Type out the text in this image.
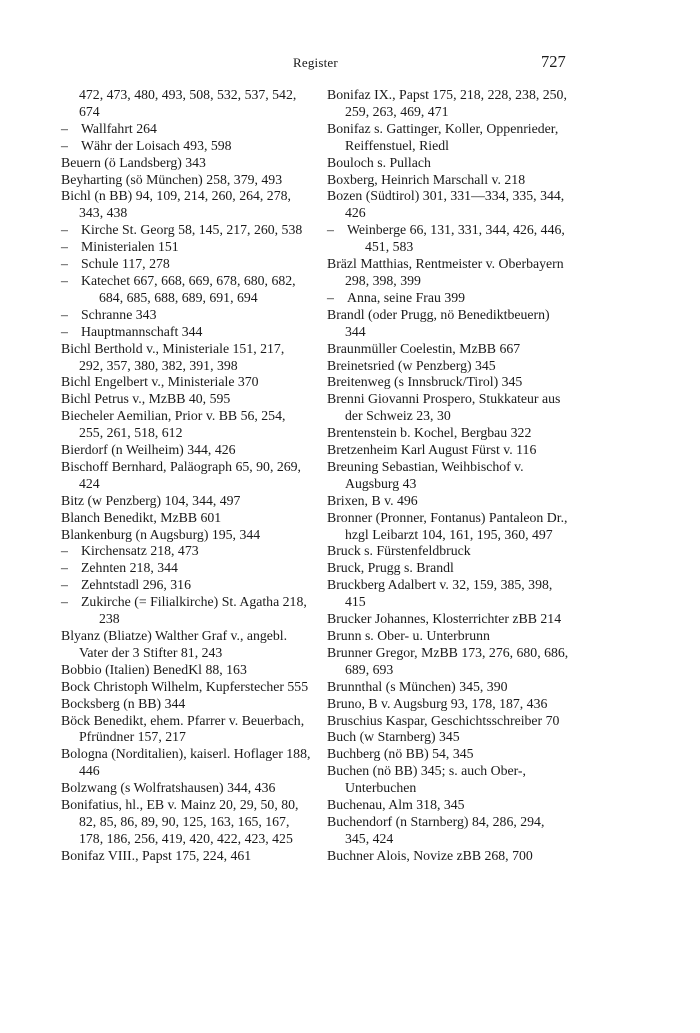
Register	727

472, 473, 480, 493, 508, 532, 537, 542, 674

– Wallfahrt 264

– Währ der Loisach 493, 598

Beuern (ö Landsberg) 343

Beyharting (sö München) 258, 379, 493

Bichl (n BB) 94, 109, 214, 260, 264, 278, 343, 438

– Kirche St. Georg 58, 145, 217, 260, 538

– Ministerialen 151

– Schule 117, 278

– Katechet 667, 668, 669, 678, 680, 682, 684, 685, 688, 689, 691, 694

– Schranne 343

– Hauptmannschaft 344

Bichl Berthold v., Ministeriale 151, 217, 292, 357, 380, 382, 391, 398

Bichl Engelbert v., Ministeriale 370

Bichl Petrus v., MzBB 40, 595

Biecheler Aemilian, Prior v. BB 56, 254, 255, 261, 518, 612

Bierdorf (n Weilheim) 344, 426

Bischoff Bernhard, Paläograph 65, 90, 269, 424

Bitz (w Penzberg) 104, 344, 497

Blanch Benedikt, MzBB 601

Blankenburg (n Augsburg) 195, 344

– Kirchensatz 218, 473

– Zehnten 218, 344

– Zehntstadl 296, 316

– Zukirche (= Filialkirche) St. Agatha 218, 238

Blyanz (Bliatze) Walther Graf v., angebl. Vater der 3 Stifter 81, 243

Bobbio (Italien) BenedKl 88, 163

Bock Christoph Wilhelm, Kupferstecher 555

Bocksberg (n BB) 344

Böck Benedikt, ehem. Pfarrer v. Beuerbach, Pfründner 157, 217

Bologna (Norditalien), kaiserl. Hoflager 188, 446

Bolzwang (s Wolfratshausen) 344, 436

Bonifatius, hl., EB v. Mainz 20, 29, 50, 80, 82, 85, 86, 89, 90, 125, 163, 165, 167, 178, 186, 256, 419, 420, 422, 423, 425

Bonifaz VIII., Papst 175, 224, 461

Bonifaz IX., Papst 175, 218, 228, 238, 250, 259, 263, 469, 471

Bonifaz s. Gattinger, Koller, Oppenrieder, Reiffenstuel, Riedl

Bouloch s. Pullach

Boxberg, Heinrich Marschall v. 218

Bozen (Südtirol) 301, 331—334, 335, 344, 426

– Weinberge 66, 131, 331, 344, 426, 446, 451, 583

Bräzl Matthias, Rentmeister v. Oberbayern 298, 398, 399

– Anna, seine Frau 399

Brandl (oder Prugg, nö Benediktbeuern) 344

Braunmüller Coelestin, MzBB 667

Breinetsried (w Penzberg) 345

Breitenweg (s Innsbruck/Tirol) 345

Brenni Giovanni Prospero, Stukkateur aus der Schweiz 23, 30

Brentenstein b. Kochel, Bergbau 322

Bretzenheim Karl August Fürst v. 116

Breuning Sebastian, Weihbischof v. Augsburg 43

Brixen, B v. 496

Bronner (Pronner, Fontanus) Pantaleon Dr., hzgl Leibarzt 104, 161, 195, 360, 497

Bruck s. Fürstenfeldbruck

Bruck, Prugg s. Brandl

Bruckberg Adalbert v. 32, 159, 385, 398, 415

Brucker Johannes, Klosterrichter zBB 214

Brunn s. Ober- u. Unterbrunn

Brunner Gregor, MzBB 173, 276, 680, 686, 689, 693

Brunnthal (s München) 345, 390

Bruno, B v. Augsburg 93, 178, 187, 436

Bruschius Kaspar, Geschichtsschreiber 70

Buch (w Starnberg) 345

Buchberg (nö BB) 54, 345

Buchen (nö BB) 345; s. auch Ober-, Unterbuchen

Buchenau, Alm 318, 345

Buchendorf (n Starnberg) 84, 286, 294, 345, 424

Buchner Alois, Novize zBB 268, 700
